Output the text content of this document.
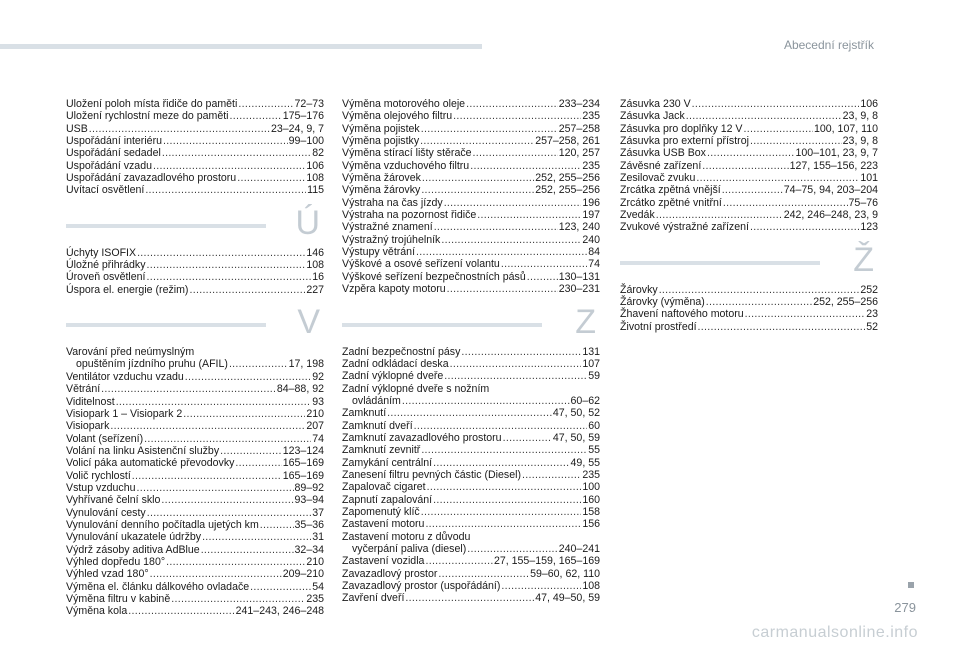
Abecední rejstřík
Uložení poloh místa řidiče do paměti .....	72–73
Uložení rychlostní meze do paměti .....	175–176
USB .....	23–24, 9, 7
Uspořádání interiéru .....	99–100
Uspořádání sedadel .....	82
Uspořádání vzadu .....	106
Uspořádání zavazadlového prostoru .....	108
Uvítací osvětlení .....	115
Ú
Úchyty ISOFIX .....	146
Úložné přihrádky .....	108
Úroveň osvětlení .....	16
Úspora el. energie (režim) .....	227
V
Varování před neúmyslným
opuštěním jízdního pruhu (AFIL) .....	17, 198
Ventilátor vzduchu vzadu .....	92
Větrání .....	84–88, 92
Viditelnost .....	93
Visiopark 1 – Visiopark 2 .....	210
Visiopark .....	207
Volant (seřízení) .....	74
Volání na linku Asistenční služby .....	123–124
Volicí páka automatické převodovky .....	165–169
Volič rychlostí .....	165–169
Vstup vzduchu .....	89–92
Vyhřívané čelní sklo .....	93–94
Vynulování cesty .....	37
Vynulování denního počítadla ujetých km .....	35–36
Vynulování ukazatele údržby .....	31
Výdrž zásoby aditiva AdBlue .....	32–34
Výhled dopředu 180° .....	210
Výhled vzad 180° .....	209–210
Výměna el. článku dálkového ovladače .....	54
Výměna filtru v kabině .....	235
Výměna kola .....	241–243, 246–248
Výměna motorového oleje .....	233–234
Výměna olejového filtru .....	235
Výměna pojistek .....	257–258
Výměna pojistky .....	257–258, 261
Výměna stírací lišty stěrače .....	120, 257
Výměna vzduchového filtru .....	235
Výměna žárovek .....	252, 255–256
Výměna žárovky .....	252, 255–256
Výstraha na čas jízdy .....	196
Výstraha na pozornost řidiče .....	197
Výstražné znamení .....	123, 240
Výstražný trojúhelník .....	240
Výstupy větrání .....	84
Výškové a osové seřízení volantu .....	74
Výškové seřízení bezpečnostních pásů .....	130–131
Vzpěra kapoty motoru .....	230–231
Z
Zadní bezpečnostní pásy .....	131
Zadní odkládací deska .....	107
Zadní výklopné dveře .....	59
Zadní výklopné dveře s nožním
ovládáním .....	60–62
Zamknutí .....	47, 50, 52
Zamknutí dveří .....	60
Zamknutí zavazadlového prostoru .....	47, 50, 59
Zamknutí zevnitř .....	55
Zamykání centrální .....	49, 55
Zanesení filtru pevných částic (Diesel) .....	235
Zapalovač cigaret .....	100
Zapnutí zapalování .....	160
Zapomenutý klíč .....	158
Zastavení motoru .....	156
Zastavení motoru z důvodu
vyčerpání paliva (diesel) .....	240–241
Zastavení vozidla .....	27, 155–159, 165–169
Zavazadlový prostor .....	59–60, 62, 110
Zavazadlový prostor (uspořádání) .....	108
Zavření dveří .....	47, 49–50, 59
Zásuvka 230 V .....	106
Zásuvka Jack .....	23, 9, 8
Zásuvka pro doplňky 12 V .....	100, 107, 110
Zásuvka pro externí přístroj .....	23, 9, 8
Zásuvka USB Box .....	100–101, 23, 9, 7
Závěsné zařízení .....	127, 155–156, 223
Zesilovač zvuku .....	101
Zrcátka zpětná vnější .....	74–75, 94, 203–204
Zrcátko zpětné vnitřní .....	75–76
Zvedák .....	242, 246–248, 23, 9
Zvukové výstražné zařízení .....	123
Ž
Žárovky .....	252
Žárovky (výměna) .....	252, 255–256
Žhavení naftového motoru .....	23
Životní prostředí .....	52
279
carmanualsonline.info
